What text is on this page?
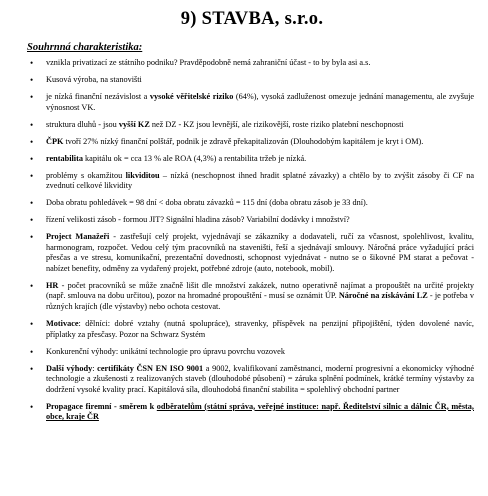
9) STAVBA, s.r.o.
Souhrnná charakteristika:
• vznikla privatizací ze státního podniku? Pravděpodobně nemá zahraniční účast - to by byla asi a.s.
• Kusová výroba, na stanovišti
• je nízká finanční nezávislost a vysoké věřitelské riziko (64%), vysoká zadluženost omezuje jednání managementu, ale zvyšuje výnosnost VK.
• struktura dluhů - jsou vyšší KZ než DZ - KZ jsou levnější, ale rizikovější, roste riziko platební neschopnosti
• ČPK tvoří 27% nízký finanční polštář, podnik je zdravě překapitalizován (Dlouhodobým kapitálem je kryt i OM).
• rentabilita kapitálu ok = cca 13 % ale ROA (4,3%) a rentabilita tržeb je nízká.
• problémy s okamžitou likviditou – nízká (neschopnost ihned hradit splatné závazky) a chtělo by to zvýšit zásoby či CF na zvednutí celkové likvidity
• Doba obratu pohledávek = 98 dní < doba obratu závazků = 115 dní (doba obratu zásob je 33 dní).
• řízení velikosti zásob - formou JIT? Signální hladina zásob? Variabilní dodávky i množství?
• Project Manažeři - zastřešují celý projekt, vyjednávají se zákazníky a dodavateli, ručí za včasnost, spolehlivost, kvalitu, harmonogram, rozpočet. Vedou celý tým pracovníků na staveništi, řeší a sjednávají smlouvy. Náročná práce vyžadující práci přesčas a ve stresu, komunikační, prezentační dovednosti, schopnost vyjednávat - nutno se o šikovné PM starat a pečovat - nabízet benefity, odměny za vydařený projekt, potřebné zdroje (auto, notebook, mobil).
• HR - počet pracovníků se může značně lišit dle množství zakázek, nutno operativně najímat a propouštět na určité projekty (např. smlouva na dobu určitou), pozor na hromadné propouštění - musí se oznámit ÚP. Náročné na získávání LZ - je potřeba v různých krajích (dle výstavby) nebo ochota cestovat.
• Motivace: dělníci: dobré vztahy (nutná spolupráce), stravenky, příspěvek na penzijní připojištění, týden dovolené navíc, příplatky za přesčasy. Pozor na Schwarz Systém
• Konkurenční výhody: unikátní technologie pro úpravu povrchu vozovek
• Další výhody: certifikáty ČSN EN ISO 9001 a 9002, kvalifikovaní zaměstnanci, moderní progresivní a ekonomicky výhodné technologie a zkušenosti z realizovaných staveb (dlouhodobé působení) = záruka splnění podmínek, krátké termíny výstavby za dodržení vysoké kvality prací. Kapitálová síla, dlouhodobá finanční stabilita = spolehlivý obchodní partner
• Propagace firemní - směrem k odběratelům (státní správa, veřejné instituce: např. Ředitelství silnic a dálnic ČR, města, obce, kraje ČR
